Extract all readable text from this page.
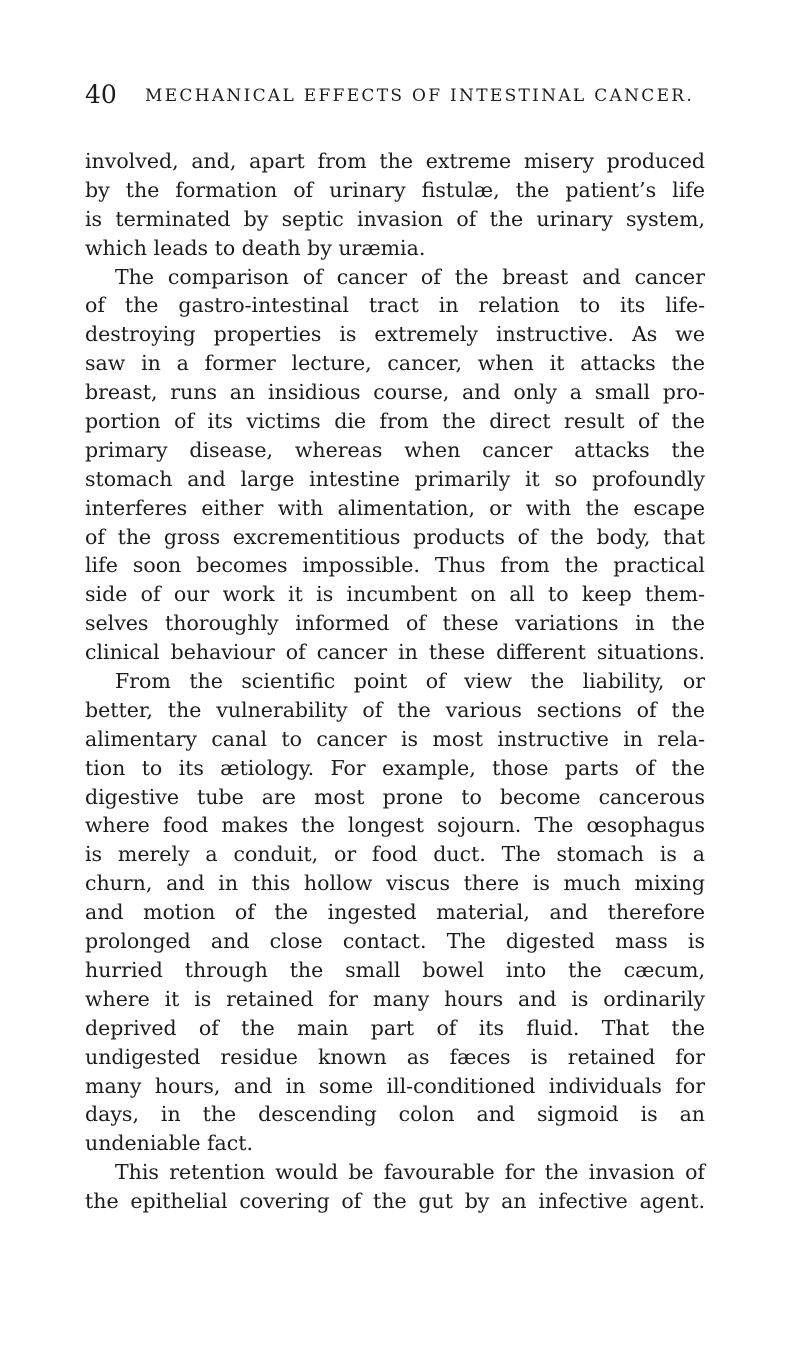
40 MECHANICAL EFFECTS OF INTESTINAL CANCER.
involved, and, apart from the extreme misery produced
by the formation of urinary fistulæ, the patient’s life
is terminated by septic invasion of the urinary system,
which leads to death by uræmia.
The comparison of cancer of the breast and cancer
of the gastro-intestinal tract in relation to its life-
destroying properties is extremely instructive. As we
saw in a former lecture, cancer, when it attacks the
breast, runs an insidious course, and only a small pro-
portion of its victims die from the direct result of the
primary disease, whereas when cancer attacks the
stomach and large intestine primarily it so profoundly
interferes either with alimentation, or with the escape
of the gross excrementitious products of the body, that
life soon becomes impossible. Thus from the practical
side of our work it is incumbent on all to keep them-
selves thoroughly informed of these variations in the
clinical behaviour of cancer in these different situations.
From the scientific point of view the liability, or
better, the vulnerability of the various sections of the
alimentary canal to cancer is most instructive in rela-
tion to its ætiology. For example, those parts of the
digestive tube are most prone to become cancerous
where food makes the longest sojourn. The œsophagus
is merely a conduit, or food duct. The stomach is a
churn, and in this hollow viscus there is much mixing
and motion of the ingested material, and therefore
prolonged and close contact. The digested mass is
hurried through the small bowel into the cæcum,
where it is retained for many hours and is ordinarily
deprived of the main part of its fluid. That the
undigested residue known as fæces is retained for
many hours, and in some ill-conditioned individuals for
days, in the descending colon and sigmoid is an
undeniable fact.
This retention would be favourable for the invasion of
the epithelial covering of the gut by an infective agent.
